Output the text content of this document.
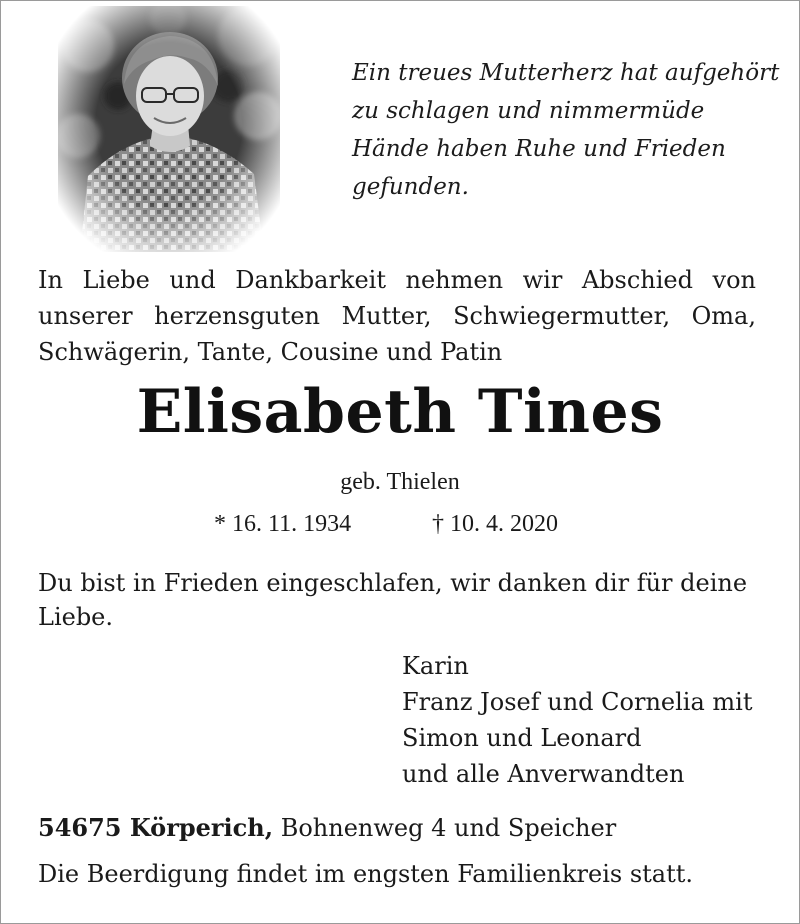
Ein treues Mutterherz hat aufgehört
zu schlagen und nimmermüde
Hände haben Ruhe und Frieden
gefunden.
In Liebe und Dankbarkeit nehmen wir Abschied von
unserer herzensguten Mutter, Schwiegermutter, Oma,
Schwägerin, Tante, Cousine und Patin
Elisabeth Tines
geb. Thielen
* 16. 11. 1934	† 10. 4. 2020
Du bist in Frieden eingeschlafen, wir danken dir für deine Liebe.
Karin
Franz Josef und Cornelia mit
Simon und Leonard
und alle Anverwandten
54675 Körperich, Bohnenweg 4 und Speicher
Die Beerdigung findet im engsten Familienkreis statt.
